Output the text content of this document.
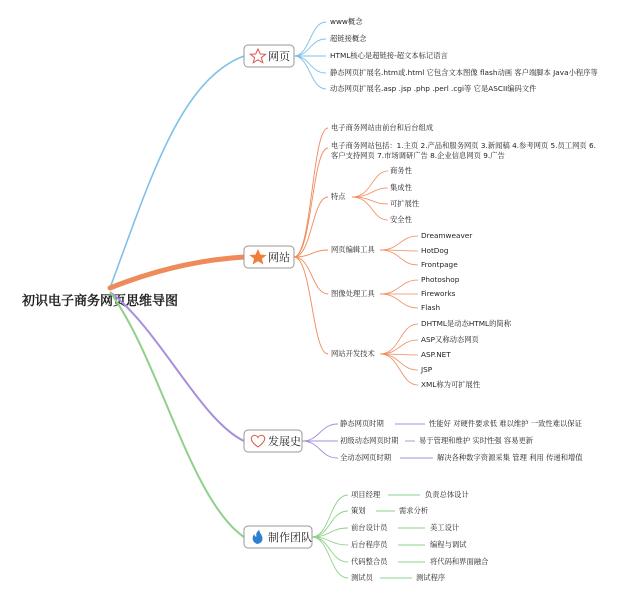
初识电子商务网页思维导图
网页
www概念
超链接概念
HTML核心是超链接-超文本标记语言
静态网页扩展名.htm或.html 它包含文本图像 flash动画 客户端脚本 Java小程序等
动态网页扩展名.asp .jsp .php .perl .cgi等 它是ASCII编码文件
网站
电子商务网站由前台和后台组成
电子商务网站包括：1.主页 2.产品和服务网页 3.新闻稿 4.参考网页 5.员工网页 6.
客户支持网页 7.市场调研广告 8.企业信息网页 9.广告
特点
商务性
集成性
可扩展性
安全性
网页编辑工具
Dreamweaver
HotDog
Frontpage
图像处理工具
Photoshop
Fireworks
Flash
网站开发技术
DHTML是动态HTML的简称
ASP又称动态网页
ASP.NET
JSP
XML称为可扩展性
发展史
静态网页时期	性能好 对硬件要求低 难以维护 一致性难以保证
初级动态网页时期	易于管理和维护 实时性强 容易更新
全动态网页时期	解决各种数字资源采集 管理 利用 传递和增值
制作团队
项目经理	负责总体设计
策划	需求分析
前台设计员	美工设计
后台程序员	编程与调试
代码整合员	将代码和界面融合
测试员	测试程序
